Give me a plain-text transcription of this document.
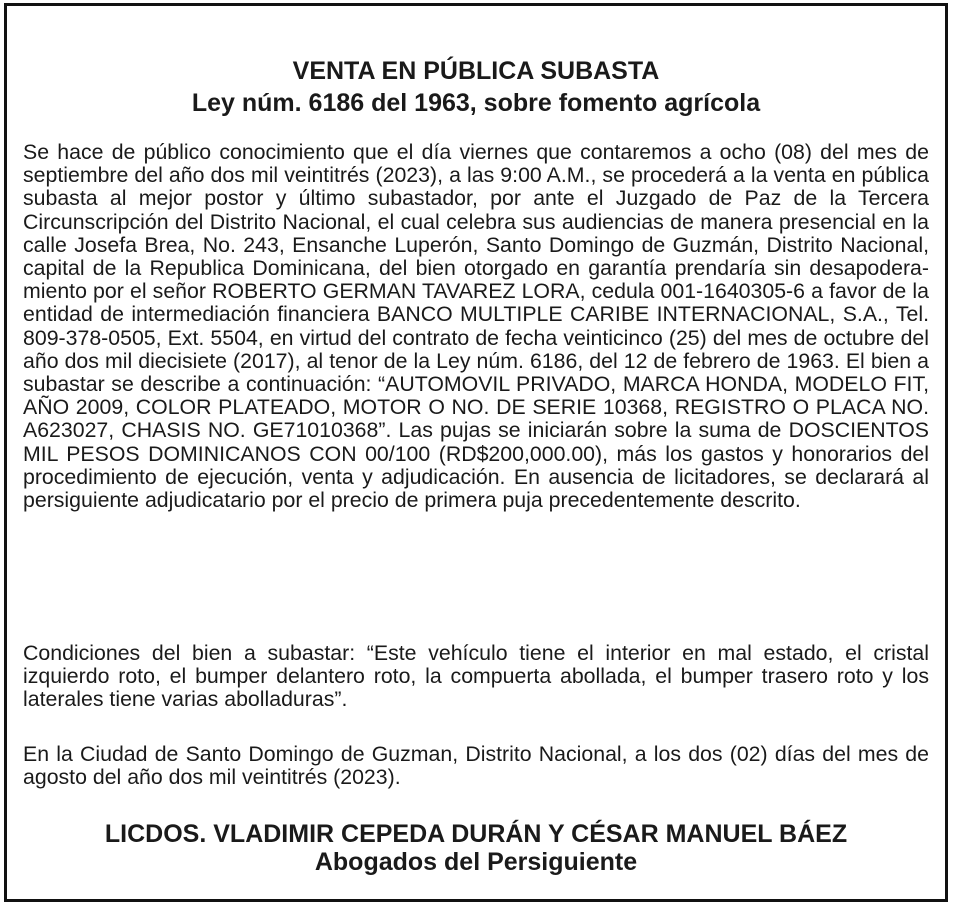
VENTA EN PÚBLICA SUBASTA
Ley núm. 6186 del 1963, sobre fomento agrícola

Se hace de público conocimiento que el día viernes que contaremos a ocho (08) del mes de septiembre del año dos mil veintitrés (2023), a las 9:00 A.M., se procederá a la venta en pública subasta al mejor postor y último subastador, por ante el Juzgado de Paz de la Tercera Circunscripción del Distrito Nacional, el cual celebra sus audiencias de manera presencial en la calle Josefa Brea, No. 243, Ensanche Luperón, Santo Domingo de Guzmán, Distrito Nacional, capital de la Republica Dominicana, del bien otorgado en garantía prendaría sin desapoderamiento por el señor ROBERTO GERMAN TAVAREZ LORA, cedula 001-1640305-6 a favor de la entidad de intermediación financiera BANCO MULTIPLE CARIBE INTERNACIONAL, S.A., Tel. 809-378-0505, Ext. 5504, en virtud del contrato de fecha veinticinco (25) del mes de octubre del año dos mil diecisiete (2017), al tenor de la Ley núm. 6186, del 12 de febrero de 1963. El bien a subastar se describe a continuación: “AUTOMOVIL PRIVADO, MARCA HONDA, MODELO FIT, AÑO 2009, COLOR PLATEADO, MOTOR O NO. DE SERIE 10368, REGISTRO O PLACA NO. A623027, CHASIS NO. GE71010368”. Las pujas se iniciarán sobre la suma de DOSCIENTOS MIL PESOS DOMINICANOS CON 00/100 (RD$200,000.00), más los gastos y honorarios del procedimiento de ejecución, venta y adjudicación. En ausencia de licitadores, se declarará al persiguiente adjudicatario por el precio de primera puja precedentemente descrito.

Condiciones del bien a subastar: “Este vehículo tiene el interior en mal estado, el cristal izquierdo roto, el bumper delantero roto, la compuerta abollada, el bumper trasero roto y los laterales tiene varias abolladuras”.

En la Ciudad de Santo Domingo de Guzman, Distrito Nacional, a los dos (02) días del mes de agosto del año dos mil veintitrés (2023).

LICDOS. VLADIMIR CEPEDA DURÁN Y CÉSAR MANUEL BÁEZ
Abogados del Persiguiente
